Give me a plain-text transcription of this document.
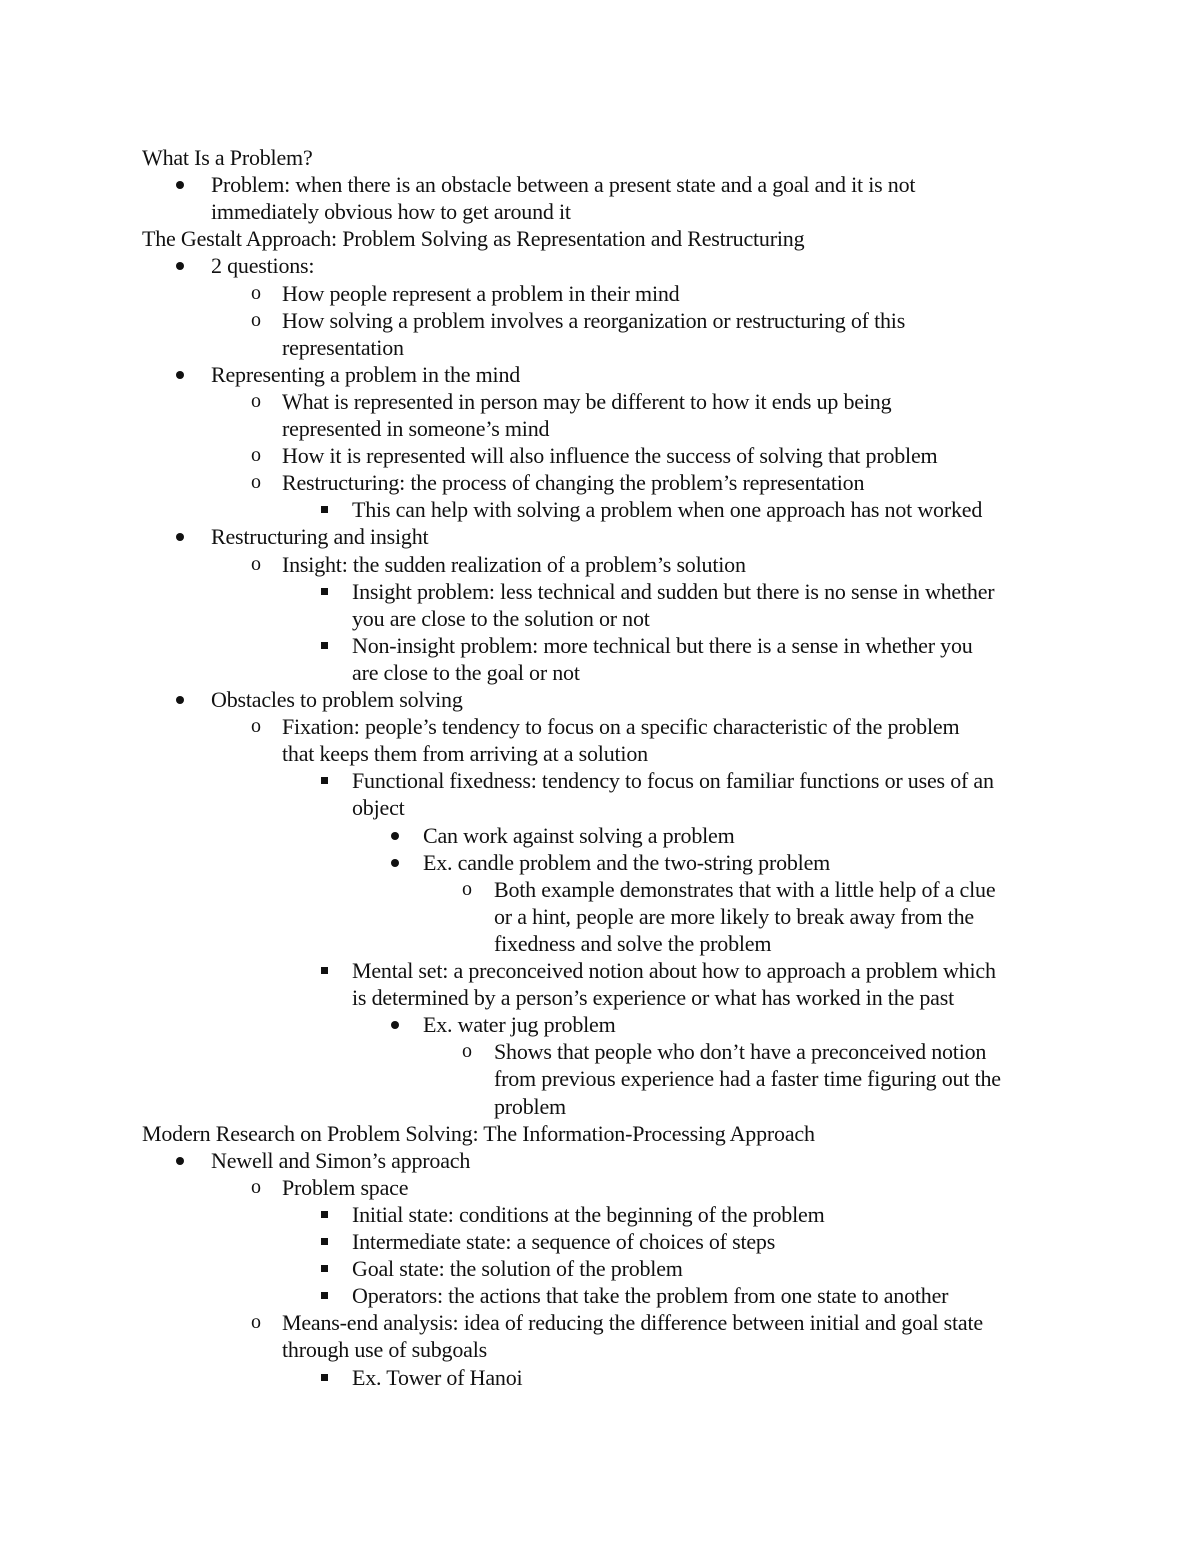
What Is a Problem?
Problem: when there is an obstacle between a present state and a goal and it is not
immediately obvious how to get around it
The Gestalt Approach: Problem Solving as Representation and Restructuring
2 questions:
o How people represent a problem in their mind
o How solving a problem involves a reorganization or restructuring of this
representation
Representing a problem in the mind
o What is represented in person may be different to how it ends up being
represented in someone’s mind
o How it is represented will also influence the success of solving that problem
o Restructuring: the process of changing the problem’s representation
This can help with solving a problem when one approach has not worked
Restructuring and insight
o Insight: the sudden realization of a problem’s solution
Insight problem: less technical and sudden but there is no sense in whether
you are close to the solution or not
Non-insight problem: more technical but there is a sense in whether you
are close to the goal or not
Obstacles to problem solving
o Fixation: people’s tendency to focus on a specific characteristic of the problem
that keeps them from arriving at a solution
Functional fixedness: tendency to focus on familiar functions or uses of an
object
Can work against solving a problem
Ex. candle problem and the two-string problem
o Both example demonstrates that with a little help of a clue
or a hint, people are more likely to break away from the
fixedness and solve the problem
Mental set: a preconceived notion about how to approach a problem which
is determined by a person’s experience or what has worked in the past
Ex. water jug problem
o Shows that people who don’t have a preconceived notion
from previous experience had a faster time figuring out the
problem
Modern Research on Problem Solving: The Information-Processing Approach
Newell and Simon’s approach
o Problem space
Initial state: conditions at the beginning of the problem
Intermediate state: a sequence of choices of steps
Goal state: the solution of the problem
Operators: the actions that take the problem from one state to another
o Means-end analysis: idea of reducing the difference between initial and goal state
through use of subgoals
Ex. Tower of Hanoi
